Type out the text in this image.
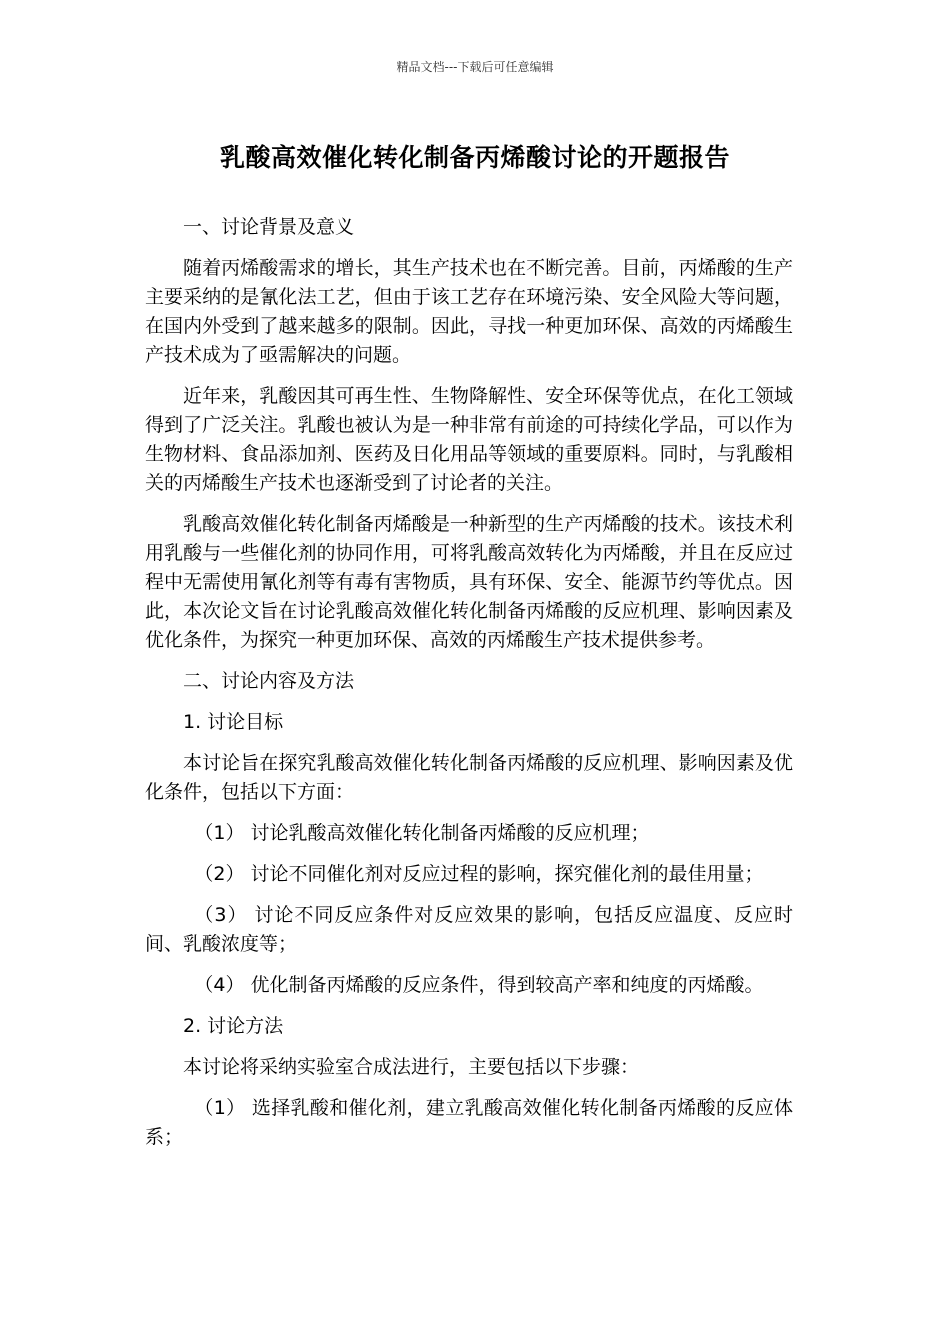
精品文档---下载后可任意编辑
乳酸高效催化转化制备丙烯酸讨论的开题报告

一、讨论背景及意义

随着丙烯酸需求的增长，其生产技术也在不断完善。目前，丙烯酸的生产主要采纳的是氰化法工艺，但由于该工艺存在环境污染、安全风险大等问题，在国内外受到了越来越多的限制。因此，寻找一种更加环保、高效的丙烯酸生产技术成为了亟需解决的问题。

近年来，乳酸因其可再生性、生物降解性、安全环保等优点，在化工领域得到了广泛关注。乳酸也被认为是一种非常有前途的可持续化学品，可以作为生物材料、食品添加剂、医药及日化用品等领域的重要原料。同时，与乳酸相关的丙烯酸生产技术也逐渐受到了讨论者的关注。

乳酸高效催化转化制备丙烯酸是一种新型的生产丙烯酸的技术。该技术利用乳酸与一些催化剂的协同作用，可将乳酸高效转化为丙烯酸，并且在反应过程中无需使用氰化剂等有毒有害物质，具有环保、安全、能源节约等优点。因此，本次论文旨在讨论乳酸高效催化转化制备丙烯酸的反应机理、影响因素及优化条件，为探究一种更加环保、高效的丙烯酸生产技术提供参考。

二、讨论内容及方法

1. 讨论目标

本讨论旨在探究乳酸高效催化转化制备丙烯酸的反应机理、影响因素及优化条件，包括以下方面：

（1） 讨论乳酸高效催化转化制备丙烯酸的反应机理；

（2） 讨论不同催化剂对反应过程的影响，探究催化剂的最佳用量；

（3） 讨论不同反应条件对反应效果的影响，包括反应温度、反应时间、乳酸浓度等；

（4） 优化制备丙烯酸的反应条件，得到较高产率和纯度的丙烯酸。

2. 讨论方法

本讨论将采纳实验室合成法进行，主要包括以下步骤：

（1） 选择乳酸和催化剂，建立乳酸高效催化转化制备丙烯酸的反应体系；
